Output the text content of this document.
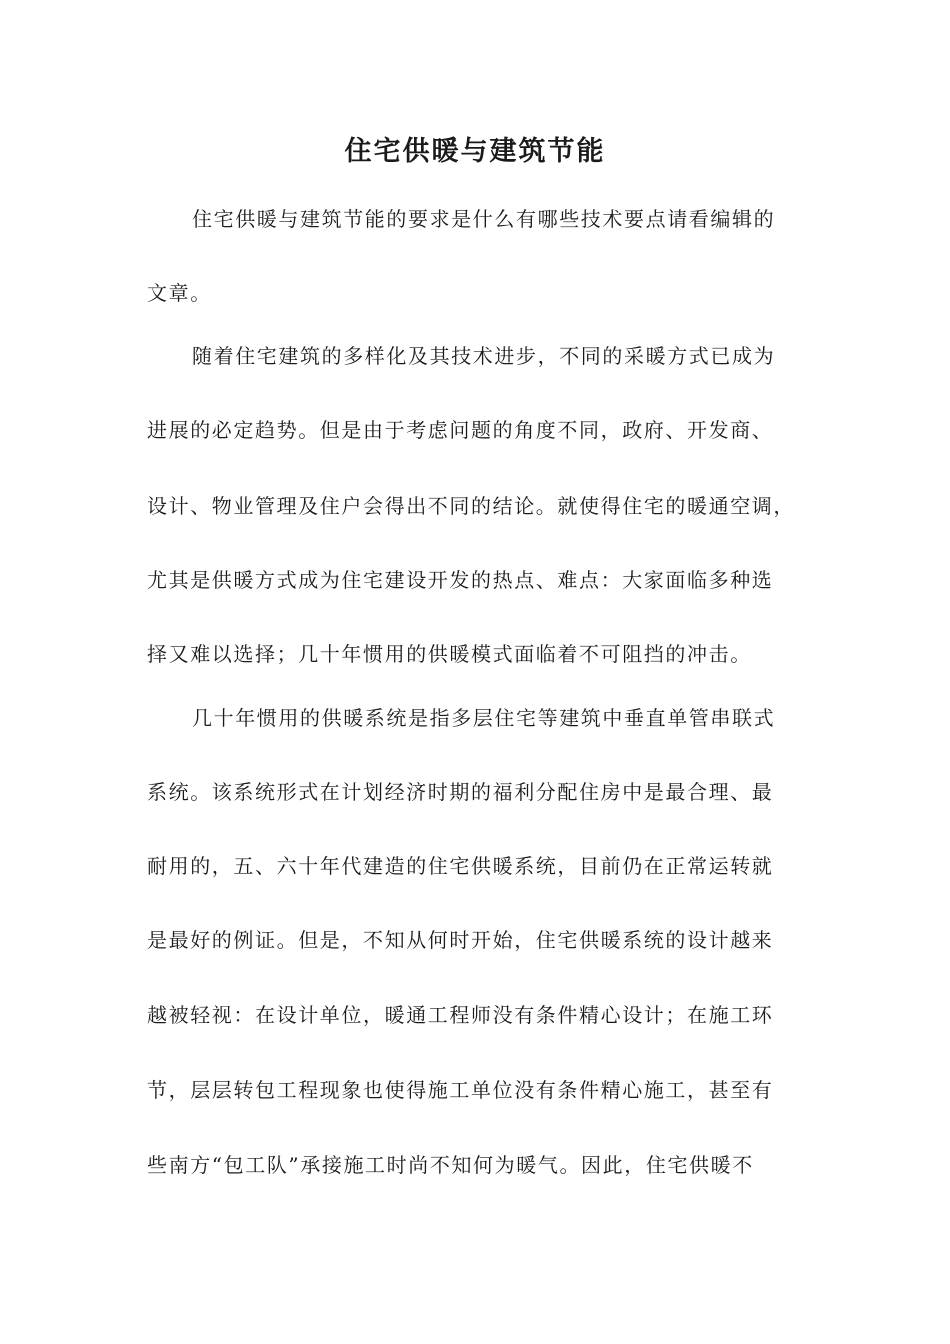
住宅供暖与建筑节能
住宅供暖与建筑节能的要求是什么有哪些技术要点请看编辑的
文章。
随着住宅建筑的多样化及其技术进步，不同的采暖方式已成为
进展的必定趋势。但是由于考虑问题的角度不同，政府、开发商、
设计、物业管理及住户会得出不同的结论。就使得住宅的暖通空调，
尤其是供暖方式成为住宅建设开发的热点、难点：大家面临多种选
择又难以选择；几十年惯用的供暖模式面临着不可阻挡的冲击。
几十年惯用的供暖系统是指多层住宅等建筑中垂直单管串联式
系统。该系统形式在计划经济时期的福利分配住房中是最合理、最
耐用的，五、六十年代建造的住宅供暖系统，目前仍在正常运转就
是最好的例证。但是，不知从何时开始，住宅供暖系统的设计越来
越被轻视：在设计单位，暖通工程师没有条件精心设计；在施工环
节，层层转包工程现象也使得施工单位没有条件精心施工，甚至有
些南方“包工队”承接施工时尚不知何为暖气。因此，住宅供暖不
